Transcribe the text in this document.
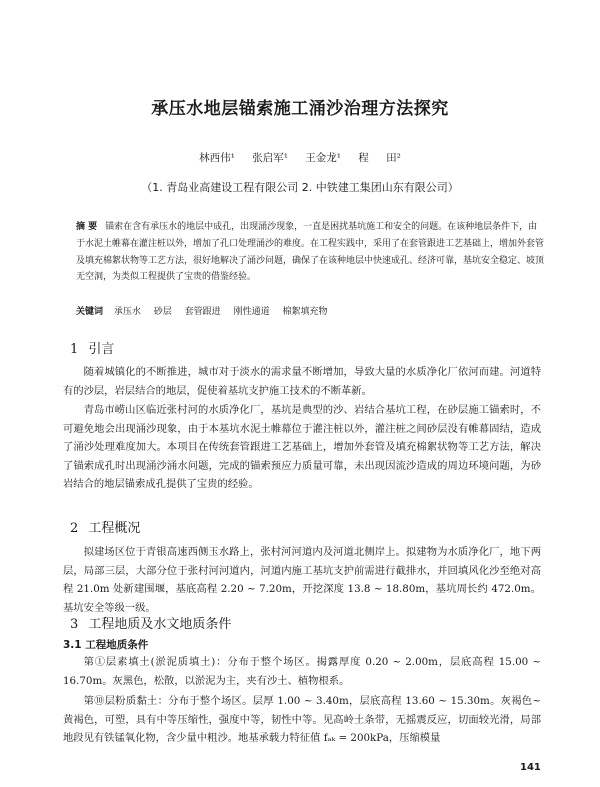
承压水地层锚索施工涌沙治理方法探究
林西伟¹ 张启军¹ 王金龙¹ 程 田²
（1. 青岛业高建设工程有限公司 2. 中铁建工集团山东有限公司）
摘 要 锚索在含有承压水的地层中成孔，出现涌沙现象，一直是困扰基坑施工和安全的问题。在该种地层条件下，由于水泥土帷幕在灌注桩以外，增加了孔口处理涌沙的难度。在工程实践中，采用了在套管跟进工艺基础上，增加外套管及填充棉絮状物等工艺方法，很好地解决了涌沙问题，确保了在该种地层中快速成孔、经济可靠，基坑安全稳定、坡顶无空洞，为类似工程提供了宝贵的借鉴经验。
关键词 承压水 砂层 套管跟进 刚性通道 棉絮填充物
1 引言
随着城镇化的不断推进，城市对于淡水的需求量不断增加，导致大量的水质净化厂依河而建。河道特有的沙层，岩层结合的地层，促使着基坑支护施工技术的不断革新。
青岛市崂山区临近张村河的水质净化厂，基坑是典型的沙、岩结合基坑工程，在砂层施工锚索时，不可避免地会出现涌沙现象，由于本基坑水泥土帷幕位于灌注桩以外，灌注桩之间砂层没有帷幕固结，造成了涌沙处理难度加大。本项目在传统套管跟进工艺基础上，增加外套管及填充棉絮状物等工艺方法，解决了锚索成孔时出现涌沙涌水问题，完成的锚索预应力质量可靠，未出现因流沙造成的周边环境问题，为砂岩结合的地层锚索成孔提供了宝贵的经验。
2 工程概况
拟建场区位于青银高速西侧玉水路上，张村河河道内及河道北侧岸上。拟建物为水质净化厂，地下两层，局部三层，大部分位于张村河河道内，河道内施工基坑支护前需进行截排水，并回填风化沙至绝对高程 21.0m 处新建围堰，基底高程 2.20 ~ 7.20m，开挖深度 13.8 ~ 18.80m，基坑周长约 472.0m。基坑安全等级一级。
3 工程地质及水文地质条件
3.1 工程地质条件
第①层素填土(淤泥质填土)：分布于整个场区。揭露厚度 0.20 ~ 2.00m，层底高程 15.00 ~ 16.70m。灰黑色，松散，以淤泥为主，夹有沙土、植物根系。
第⑩层粉质黏土：分布于整个场区。层厚 1.00 ~ 3.40m，层底高程 13.60 ~ 15.30m。灰褐色~黄褐色，可塑，具有中等压缩性，强度中等，韧性中等。见高岭土条带，无摇震反应，切面较光滑，局部地段见有铁锰氧化物，含少量中粗沙。地基承载力特征值 fₐₖ = 200kPa，压缩模量
141
